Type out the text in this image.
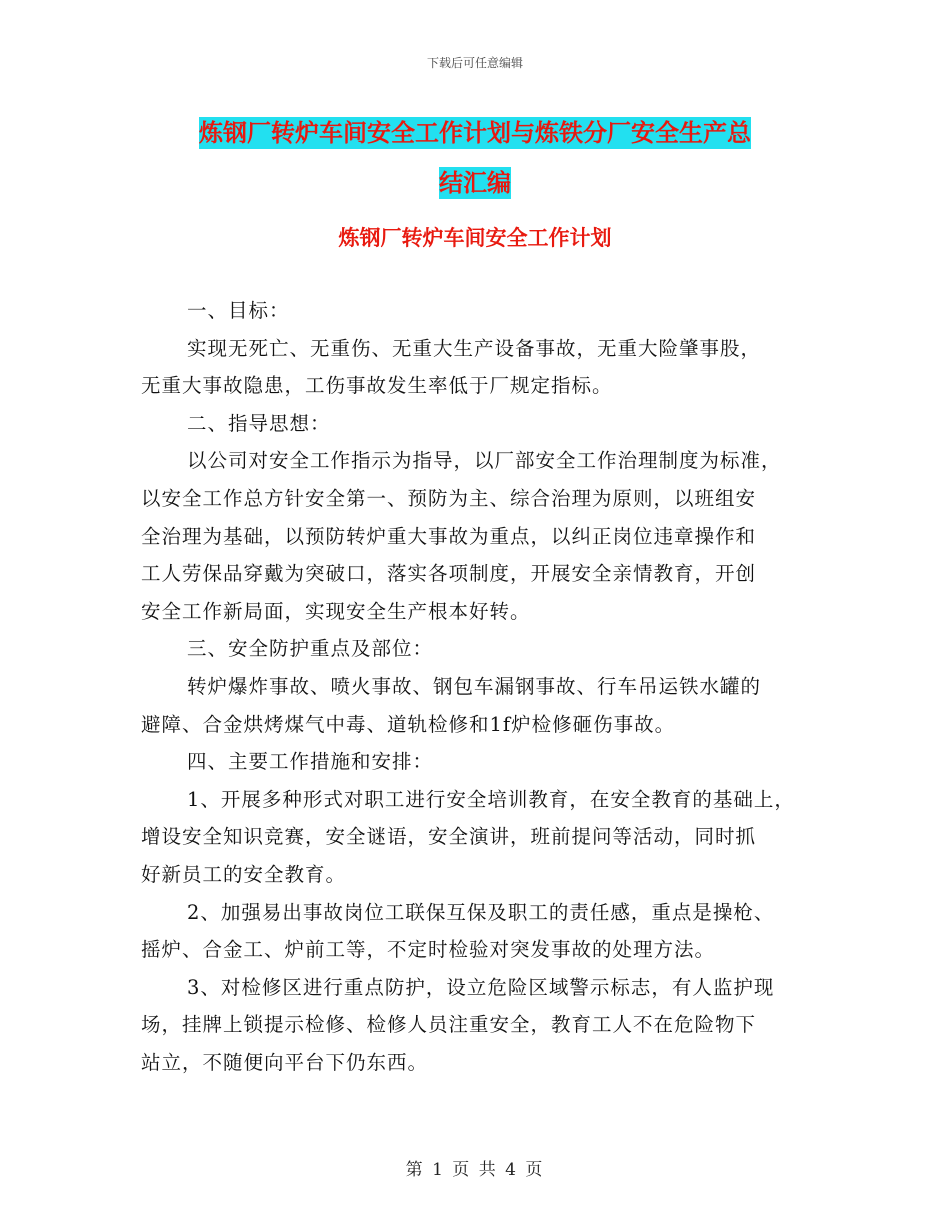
下载后可任意编辑
炼钢厂转炉车间安全工作计划与炼铁分厂安全生产总
结汇编
炼钢厂转炉车间安全工作计划
一、目标：
实现无死亡、无重伤、无重大生产设备事故，无重大险肇事股，
无重大事故隐患，工伤事故发生率低于厂规定指标。
二、指导思想：
以公司对安全工作指示为指导，以厂部安全工作治理制度为标准，
以安全工作总方针安全第一、预防为主、综合治理为原则，以班组安
全治理为基础，以预防转炉重大事故为重点，以纠正岗位违章操作和
工人劳保品穿戴为突破口，落实各项制度，开展安全亲情教育，开创
安全工作新局面，实现安全生产根本好转。
三、安全防护重点及部位：
转炉爆炸事故、喷火事故、钢包车漏钢事故、行车吊运铁水罐的
避障、合金烘烤煤气中毒、道轨检修和1f炉检修砸伤事故。
四、主要工作措施和安排：
1、开展多种形式对职工进行安全培训教育，在安全教育的基础上，
增设安全知识竞赛，安全谜语，安全演讲，班前提问等活动，同时抓
好新员工的安全教育。
2、加强易出事故岗位工联保互保及职工的责任感，重点是操枪、
摇炉、合金工、炉前工等，不定时检验对突发事故的处理方法。
3、对检修区进行重点防护，设立危险区域警示标志，有人监护现
场，挂牌上锁提示检修、检修人员注重安全，教育工人不在危险物下
站立，不随便向平台下仍东西。
第 1 页 共 4 页
